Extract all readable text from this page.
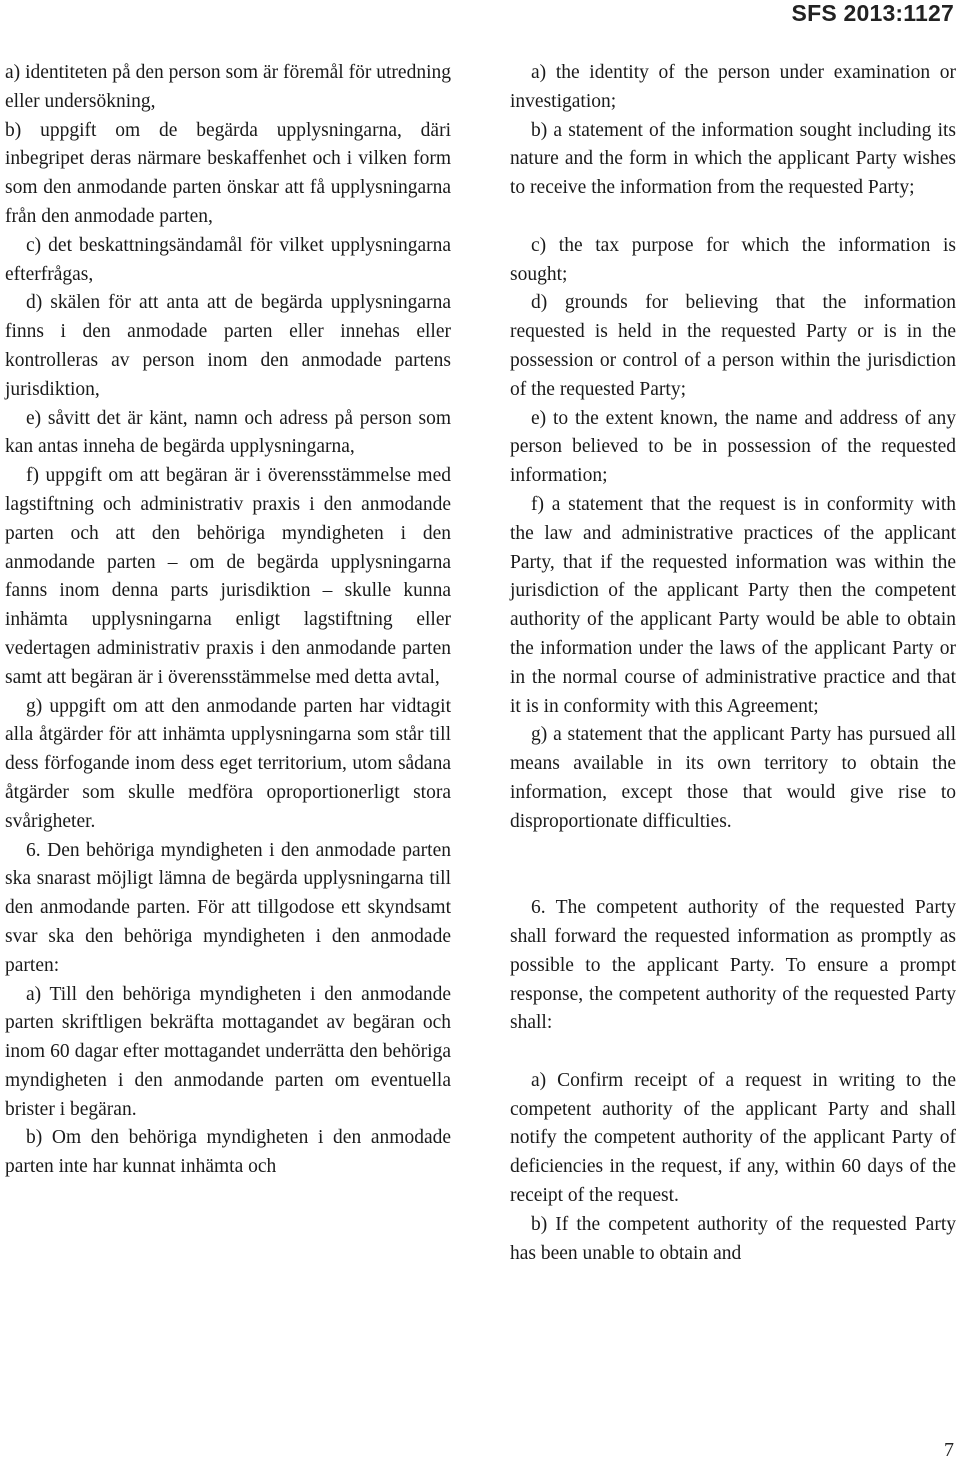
SFS 2013:1127

a) identiteten på den person som är föremål för utredning eller undersökning,

b) uppgift om de begärda upplysningarna, däri inbegripet deras närmare beskaffenhet och i vilken form som den anmodande parten önskar att få upplysningarna från den anmodade parten,

c) det beskattningsändamål för vilket upplysningarna efterfrågas,

d) skälen för att anta att de begärda upplysningarna finns i den anmodade parten eller innehas eller kontrolleras av person inom den anmodade partens jurisdiktion,

e) såvitt det är känt, namn och adress på person som kan antas inneha de begärda upplysningarna,

f) uppgift om att begäran är i överensstämmelse med lagstiftning och administrativ praxis i den anmodande parten och att den behöriga myndigheten i den anmodande parten – om de begärda upplysningarna fanns inom denna parts jurisdiktion – skulle kunna inhämta upplysningarna enligt lagstiftning eller vedertagen administrativ praxis i den anmodande parten samt att begäran är i överensstämmelse med detta avtal,

g) uppgift om att den anmodande parten har vidtagit alla åtgärder för att inhämta upplysningarna som står till dess förfogande inom dess eget territorium, utom sådana åtgärder som skulle medföra oproportionerligt stora svårigheter.

6. Den behöriga myndigheten i den anmodade parten ska snarast möjligt lämna de begärda upplysningarna till den anmodande parten. För att tillgodose ett skyndsamt svar ska den behöriga myndigheten i den anmodade parten:

a) Till den behöriga myndigheten i den anmodande parten skriftligen bekräfta mottagandet av begäran och inom 60 dagar efter mottagandet underrätta den behöriga myndigheten i den anmodande parten om eventuella brister i begäran.

b) Om den behöriga myndigheten i den anmodade parten inte har kunnat inhämta och

a) the identity of the person under examination or investigation;

b) a statement of the information sought including its nature and the form in which the applicant Party wishes to receive the information from the requested Party;

c) the tax purpose for which the information is sought;

d) grounds for believing that the information requested is held in the requested Party or is in the possession or control of a person within the jurisdiction of the requested Party;

e) to the extent known, the name and address of any person believed to be in possession of the requested information;

f) a statement that the request is in conformity with the law and administrative practices of the applicant Party, that if the requested information was within the jurisdiction of the applicant Party then the competent authority of the applicant Party would be able to obtain the information under the laws of the applicant Party or in the normal course of administrative practice and that it is in conformity with this Agreement;

g) a statement that the applicant Party has pursued all means available in its own territory to obtain the information, except those that would give rise to disproportionate difficulties.

6. The competent authority of the requested Party shall forward the requested information as promptly as possible to the applicant Party. To ensure a prompt response, the competent authority of the requested Party shall:

a) Confirm receipt of a request in writing to the competent authority of the applicant Party and shall notify the competent authority of the applicant Party of deficiencies in the request, if any, within 60 days of the receipt of the request.

b) If the competent authority of the requested Party has been unable to obtain and

7
